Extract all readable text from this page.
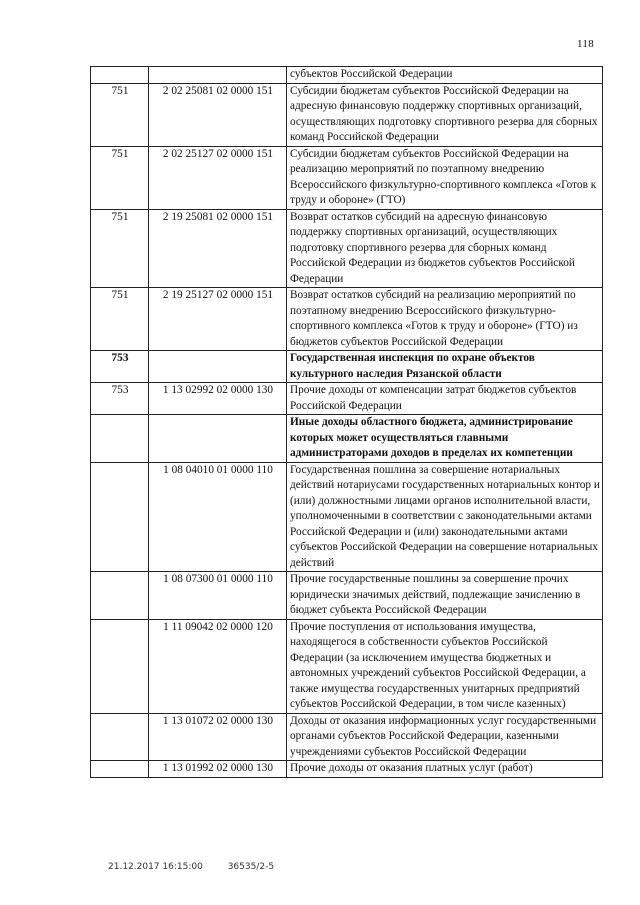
118
		субъектов Российской Федерации
751	2 02 25081 02 0000 151	Субсидии бюджетам субъектов Российской Федерации на адресную финансовую поддержку спортивных организаций, осуществляющих подготовку спортивного резерва для сборных команд Российской Федерации
751	2 02 25127 02 0000 151	Субсидии бюджетам субъектов Российской Федерации на реализацию мероприятий по поэтапному внедрению Всероссийского физкультурно-спортивного комплекса «Готов к труду и обороне» (ГТО)
751	2 19 25081 02 0000 151	Возврат остатков субсидий на адресную финансовую поддержку спортивных организаций, осуществляющих подготовку спортивного резерва для сборных команд Российской Федерации из бюджетов субъектов Российской Федерации
751	2 19 25127 02 0000 151	Возврат остатков субсидий на реализацию мероприятий по поэтапному внедрению Всероссийского физкультурно-спортивного комплекса «Готов к труду и обороне» (ГТО) из бюджетов субъектов Российской Федерации
753		Государственная инспекция по охране объектов культурного наследия Рязанской области
753	1 13 02992 02 0000 130	Прочие доходы от компенсации затрат бюджетов субъектов Российской Федерации
		Иные доходы областного бюджета, администрирование которых может осуществляться главными администраторами доходов в пределах их компетенции
	1 08 04010 01 0000 110	Государственная пошлина за совершение нотариальных действий нотариусами государственных нотариальных контор и (или) должностными лицами органов исполнительной власти, уполномоченными в соответствии с законодательными актами Российской Федерации и (или) законодательными актами субъектов Российской Федерации на совершение нотариальных действий
	1 08 07300 01 0000 110	Прочие государственные пошлины за совершение прочих юридически значимых действий, подлежащие зачислению в бюджет субъекта Российской Федерации
	1 11 09042 02 0000 120	Прочие поступления от использования имущества, находящегося в собственности субъектов Российской Федерации (за исключением имущества бюджетных и автономных учреждений субъектов Российской Федерации, а также имущества государственных унитарных предприятий субъектов Российской Федерации, в том числе казенных)
	1 13 01072 02 0000 130	Доходы от оказания информационных услуг государственными органами субъектов Российской Федерации, казенными учреждениями субъектов Российской Федерации
	1 13 01992 02 0000 130	Прочие доходы от оказания платных услуг (работ)
21.12.2017 16:15:00	36535/2-5
